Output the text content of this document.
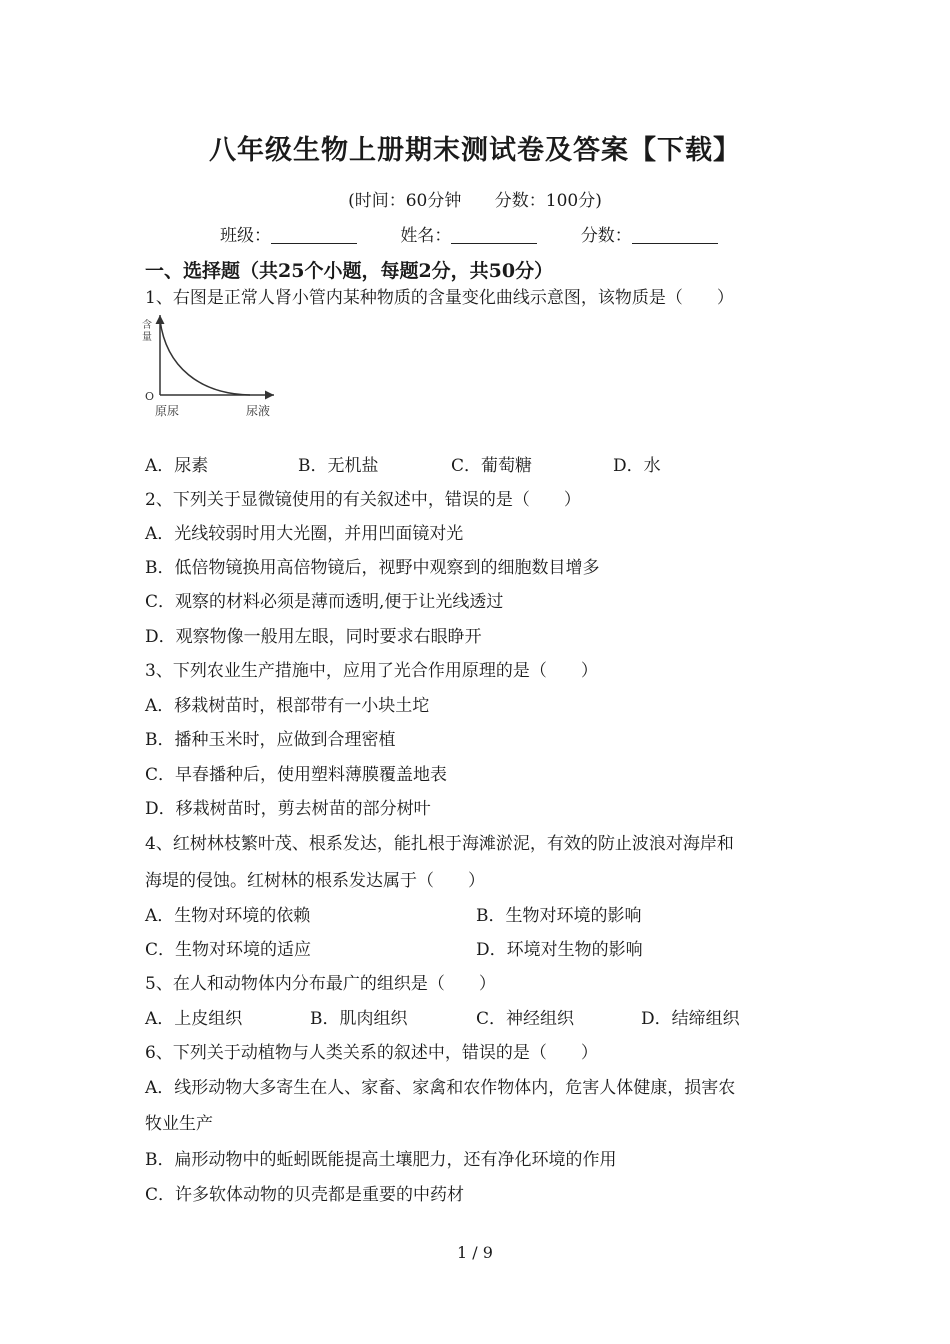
八年级生物上册期末测试卷及答案【下载】
(时间：60分钟 分数：100分)
班级：	姓名：	分数：
一、选择题（共25个小题，每题2分，共50分）
1、右图是正常人肾小管内某种物质的含量变化曲线示意图，该物质是（　　）
含
量
O
原尿	尿液
A．尿素	B．无机盐	C．葡萄糖	D．水
2、下列关于显微镜使用的有关叙述中，错误的是（　　）
A．光线较弱时用大光圈，并用凹面镜对光
B．低倍物镜换用高倍物镜后，视野中观察到的细胞数目增多
C．观察的材料必须是薄而透明,便于让光线透过
D．观察物像一般用左眼，同时要求右眼睁开
3、下列农业生产措施中，应用了光合作用原理的是（　　）
A．移栽树苗时，根部带有一小块土坨
B．播种玉米时，应做到合理密植
C．早春播种后，使用塑料薄膜覆盖地表
D．移栽树苗时，剪去树苗的部分树叶
4、红树林枝繁叶茂、根系发达，能扎根于海滩淤泥，有效的防止波浪对海岸和
海堤的侵蚀。红树林的根系发达属于（　　）
A．生物对环境的依赖	B．生物对环境的影响
C．生物对环境的适应	D．环境对生物的影响
5、在人和动物体内分布最广的组织是（　　）
A．上皮组织	B．肌肉组织	C．神经组织	D．结缔组织
6、下列关于动植物与人类关系的叙述中，错误的是（　　）
A．线形动物大多寄生在人、家畜、家禽和农作物体内，危害人体健康，损害农
牧业生产
B．扁形动物中的蚯蚓既能提高土壤肥力，还有净化环境的作用
C．许多软体动物的贝壳都是重要的中药材
1 / 9
